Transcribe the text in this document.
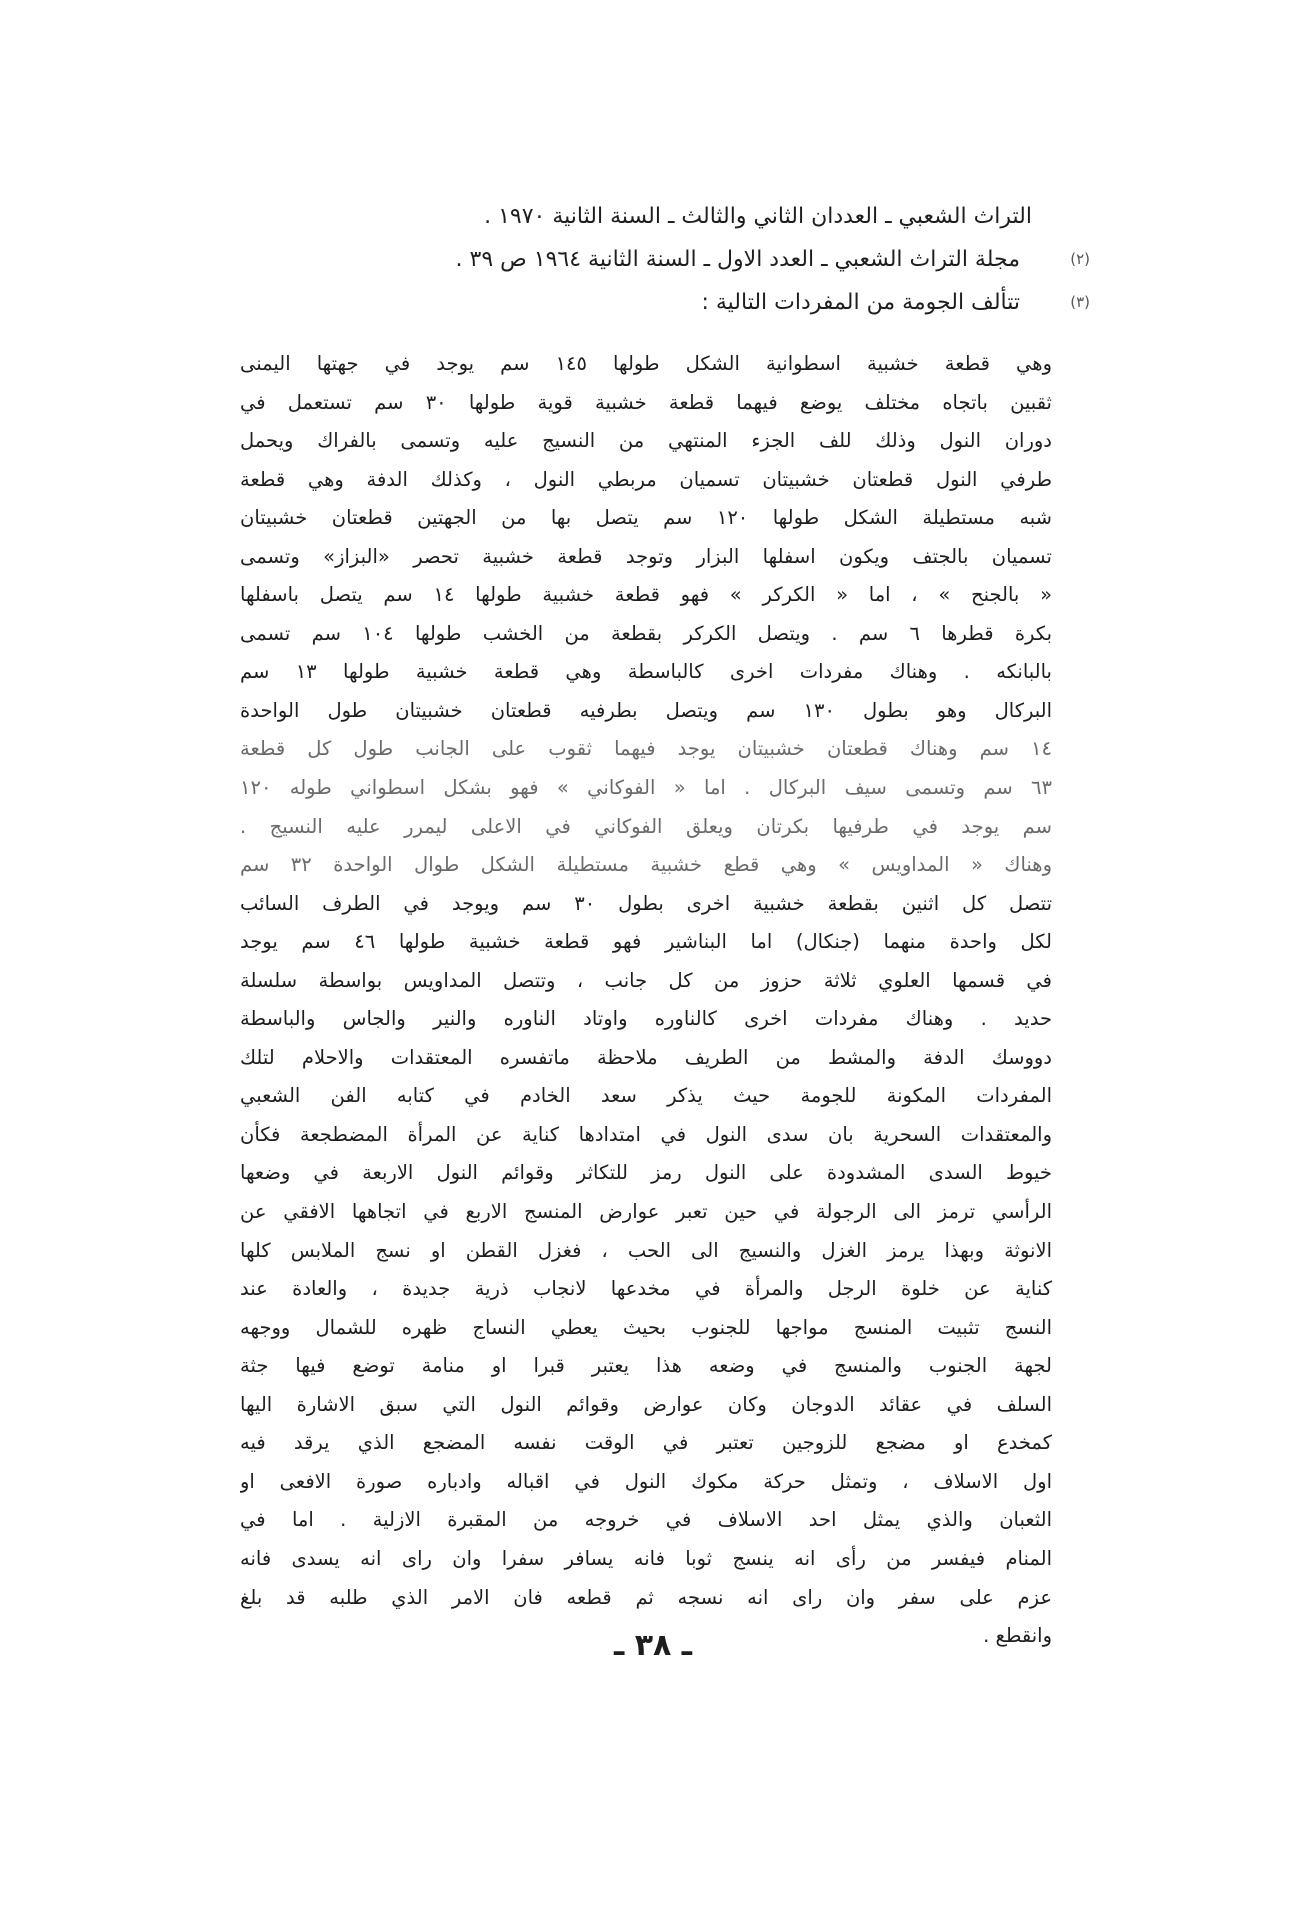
التراث الشعبي ـ العددان الثاني والثالث ـ السنة الثانية ١٩٧٠ .
(٢)
مجلة التراث الشعبي ـ العدد الاول ـ السنة الثانية ١٩٦٤ ص ٣٩ .
(٣)
تتألف الجومة من المفردات التالية :
وهي قطعة خشبية اسطوانية الشكل طولها ١٤٥ سم يوجد في جهتها اليمنى
ثقبين باتجاه مختلف يوضع فيهما قطعة خشبية قوية طولها ٣٠ سم تستعمل في
دوران النول وذلك للف الجزء المنتهي من النسيج عليه وتسمى بالفراك ويحمل
طرفي النول قطعتان خشبيتان تسميان مربطي النول ، وكذلك الدفة وهي قطعة
شبه مستطيلة الشكل طولها ١٢٠ سم يتصل بها من الجهتين قطعتان خشبيتان
تسميان بالجتف ويكون اسفلها البزار وتوجد قطعة خشبية تحصر «البزاز» وتسمى
« بالجنح » ، اما « الكركر » فهو قطعة خشبية طولها ١٤ سم يتصل باسفلها
بكرة قطرها ٦ سم . ويتصل الكركر بقطعة من الخشب طولها ١٠٤ سم تسمى
بالبانكه . وهناك مفردات اخرى كالباسطة وهي قطعة خشبية طولها ١٣ سم
البركال وهو بطول ١٣٠ سم ويتصل بطرفيه قطعتان خشبيتان طول الواحدة
١٤ سم وهناك قطعتان خشبيتان يوجد فيهما ثقوب على الجانب طول كل قطعة
٦٣ سم وتسمى سيف البركال . اما « الفوكاني » فهو بشكل اسطواني طوله ١٢٠
سم يوجد في طرفيها بكرتان ويعلق الفوكاني في الاعلى ليمرر عليه النسيج .
وهناك « المداويس » وهي قطع خشبية مستطيلة الشكل طوال الواحدة ٣٢ سم
تتصل كل اثنين بقطعة خشبية اخرى بطول ٣٠ سم ويوجد في الطرف السائب
لكل واحدة منهما (جنكال) اما البناشير فهو قطعة خشبية طولها ٤٦ سم يوجد
في قسمها العلوي ثلاثة حزوز من كل جانب ، وتتصل المداويس بواسطة سلسلة
حديد . وهناك مفردات اخرى كالناوره واوتاد الناوره والنير والجاس والباسطة
دووسك الدفة والمشط من الطريف ملاحظة ماتفسره المعتقدات والاحلام لتلك
المفردات المكونة للجومة حيث يذكر سعد الخادم في كتابه الفن الشعبي
والمعتقدات السحرية بان سدى النول في امتدادها كناية عن المرأة المضطجعة فكأن
خيوط السدى المشدودة على النول رمز للتكاثر وقوائم النول الاربعة في وضعها
الرأسي ترمز الى الرجولة في حين تعبر عوارض المنسج الاربع في اتجاهها الافقي عن
الانوثة وبهذا يرمز الغزل والنسيج الى الحب ، فغزل القطن او نسج الملابس كلها
كناية عن خلوة الرجل والمرأة في مخدعها لانجاب ذرية جديدة ، والعادة عند
النسج تثبيت المنسج مواجها للجنوب بحيث يعطي النساج ظهره للشمال ووجهه
لجهة الجنوب والمنسج في وضعه هذا يعتبر قبرا او منامة توضع فيها جثة
السلف في عقائد الدوجان وكان عوارض وقوائم النول التي سبق الاشارة اليها
كمخدع او مضجع للزوجين تعتبر في الوقت نفسه المضجع الذي يرقد فيه
اول الاسلاف ، وتمثل حركة مكوك النول في اقباله وادباره صورة الافعى او
الثعبان والذي يمثل احد الاسلاف في خروجه من المقبرة الازلية . اما في
المنام فيفسر من رأى انه ينسج ثوبا فانه يسافر سفرا وان راى انه يسدى فانه
عزم على سفر وان راى انه نسجه ثم قطعه فان الامر الذي طلبه قد بلغ
وانقطع .
ـ ٣٨ ـ
